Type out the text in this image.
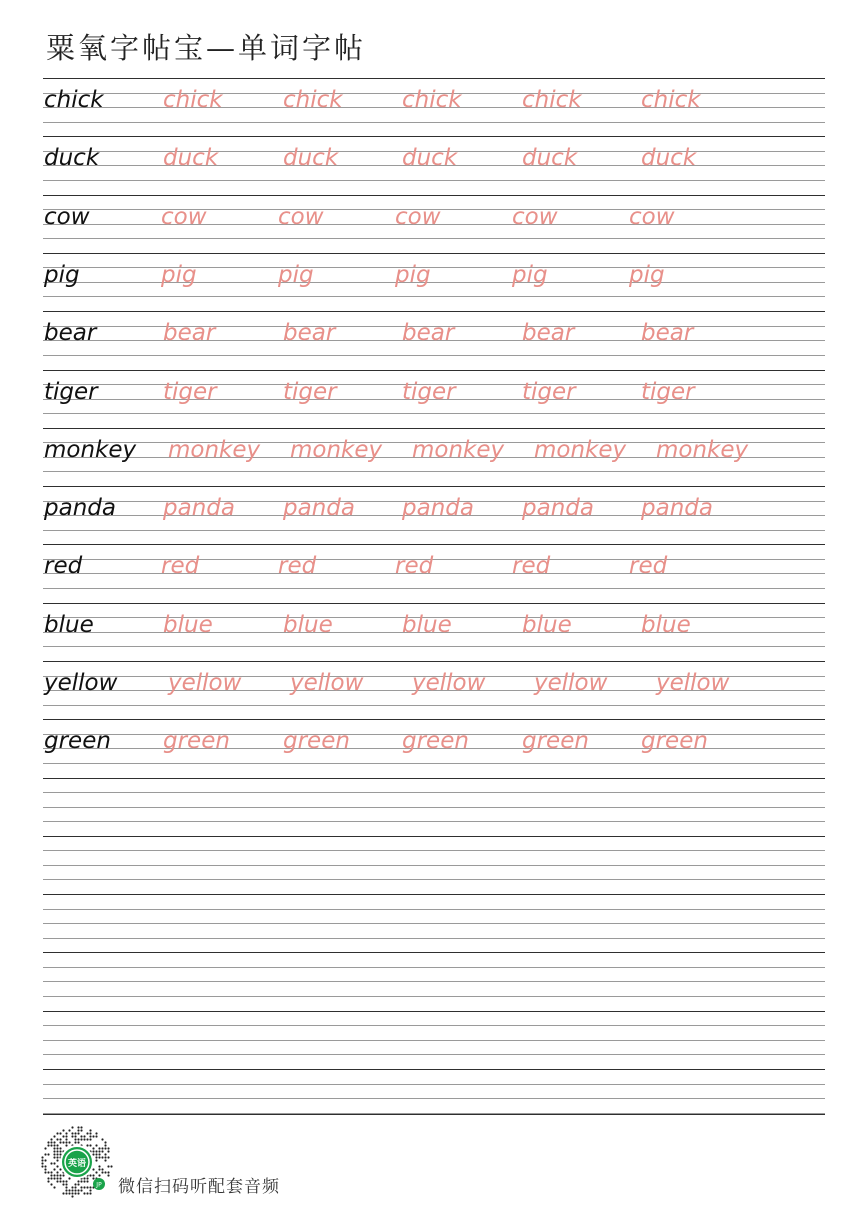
粟氧字帖宝—单词字帖
chick	chick	chick	chick	chick	chick
duck	duck	duck	duck	duck	duck
cow	cow	cow	cow	cow	cow
pig	pig	pig	pig	pig	pig
bear	bear	bear	bear	bear	bear
tiger	tiger	tiger	tiger	tiger	tiger
monkey monkey monkey monkey monkey monkey
panda panda panda panda panda panda
red	red	red	red	red	red
blue	blue	blue	blue	blue	blue
yellow yellow yellow yellow yellow yellow
green green green green green green
英语
JP 微信扫码听配套音频
